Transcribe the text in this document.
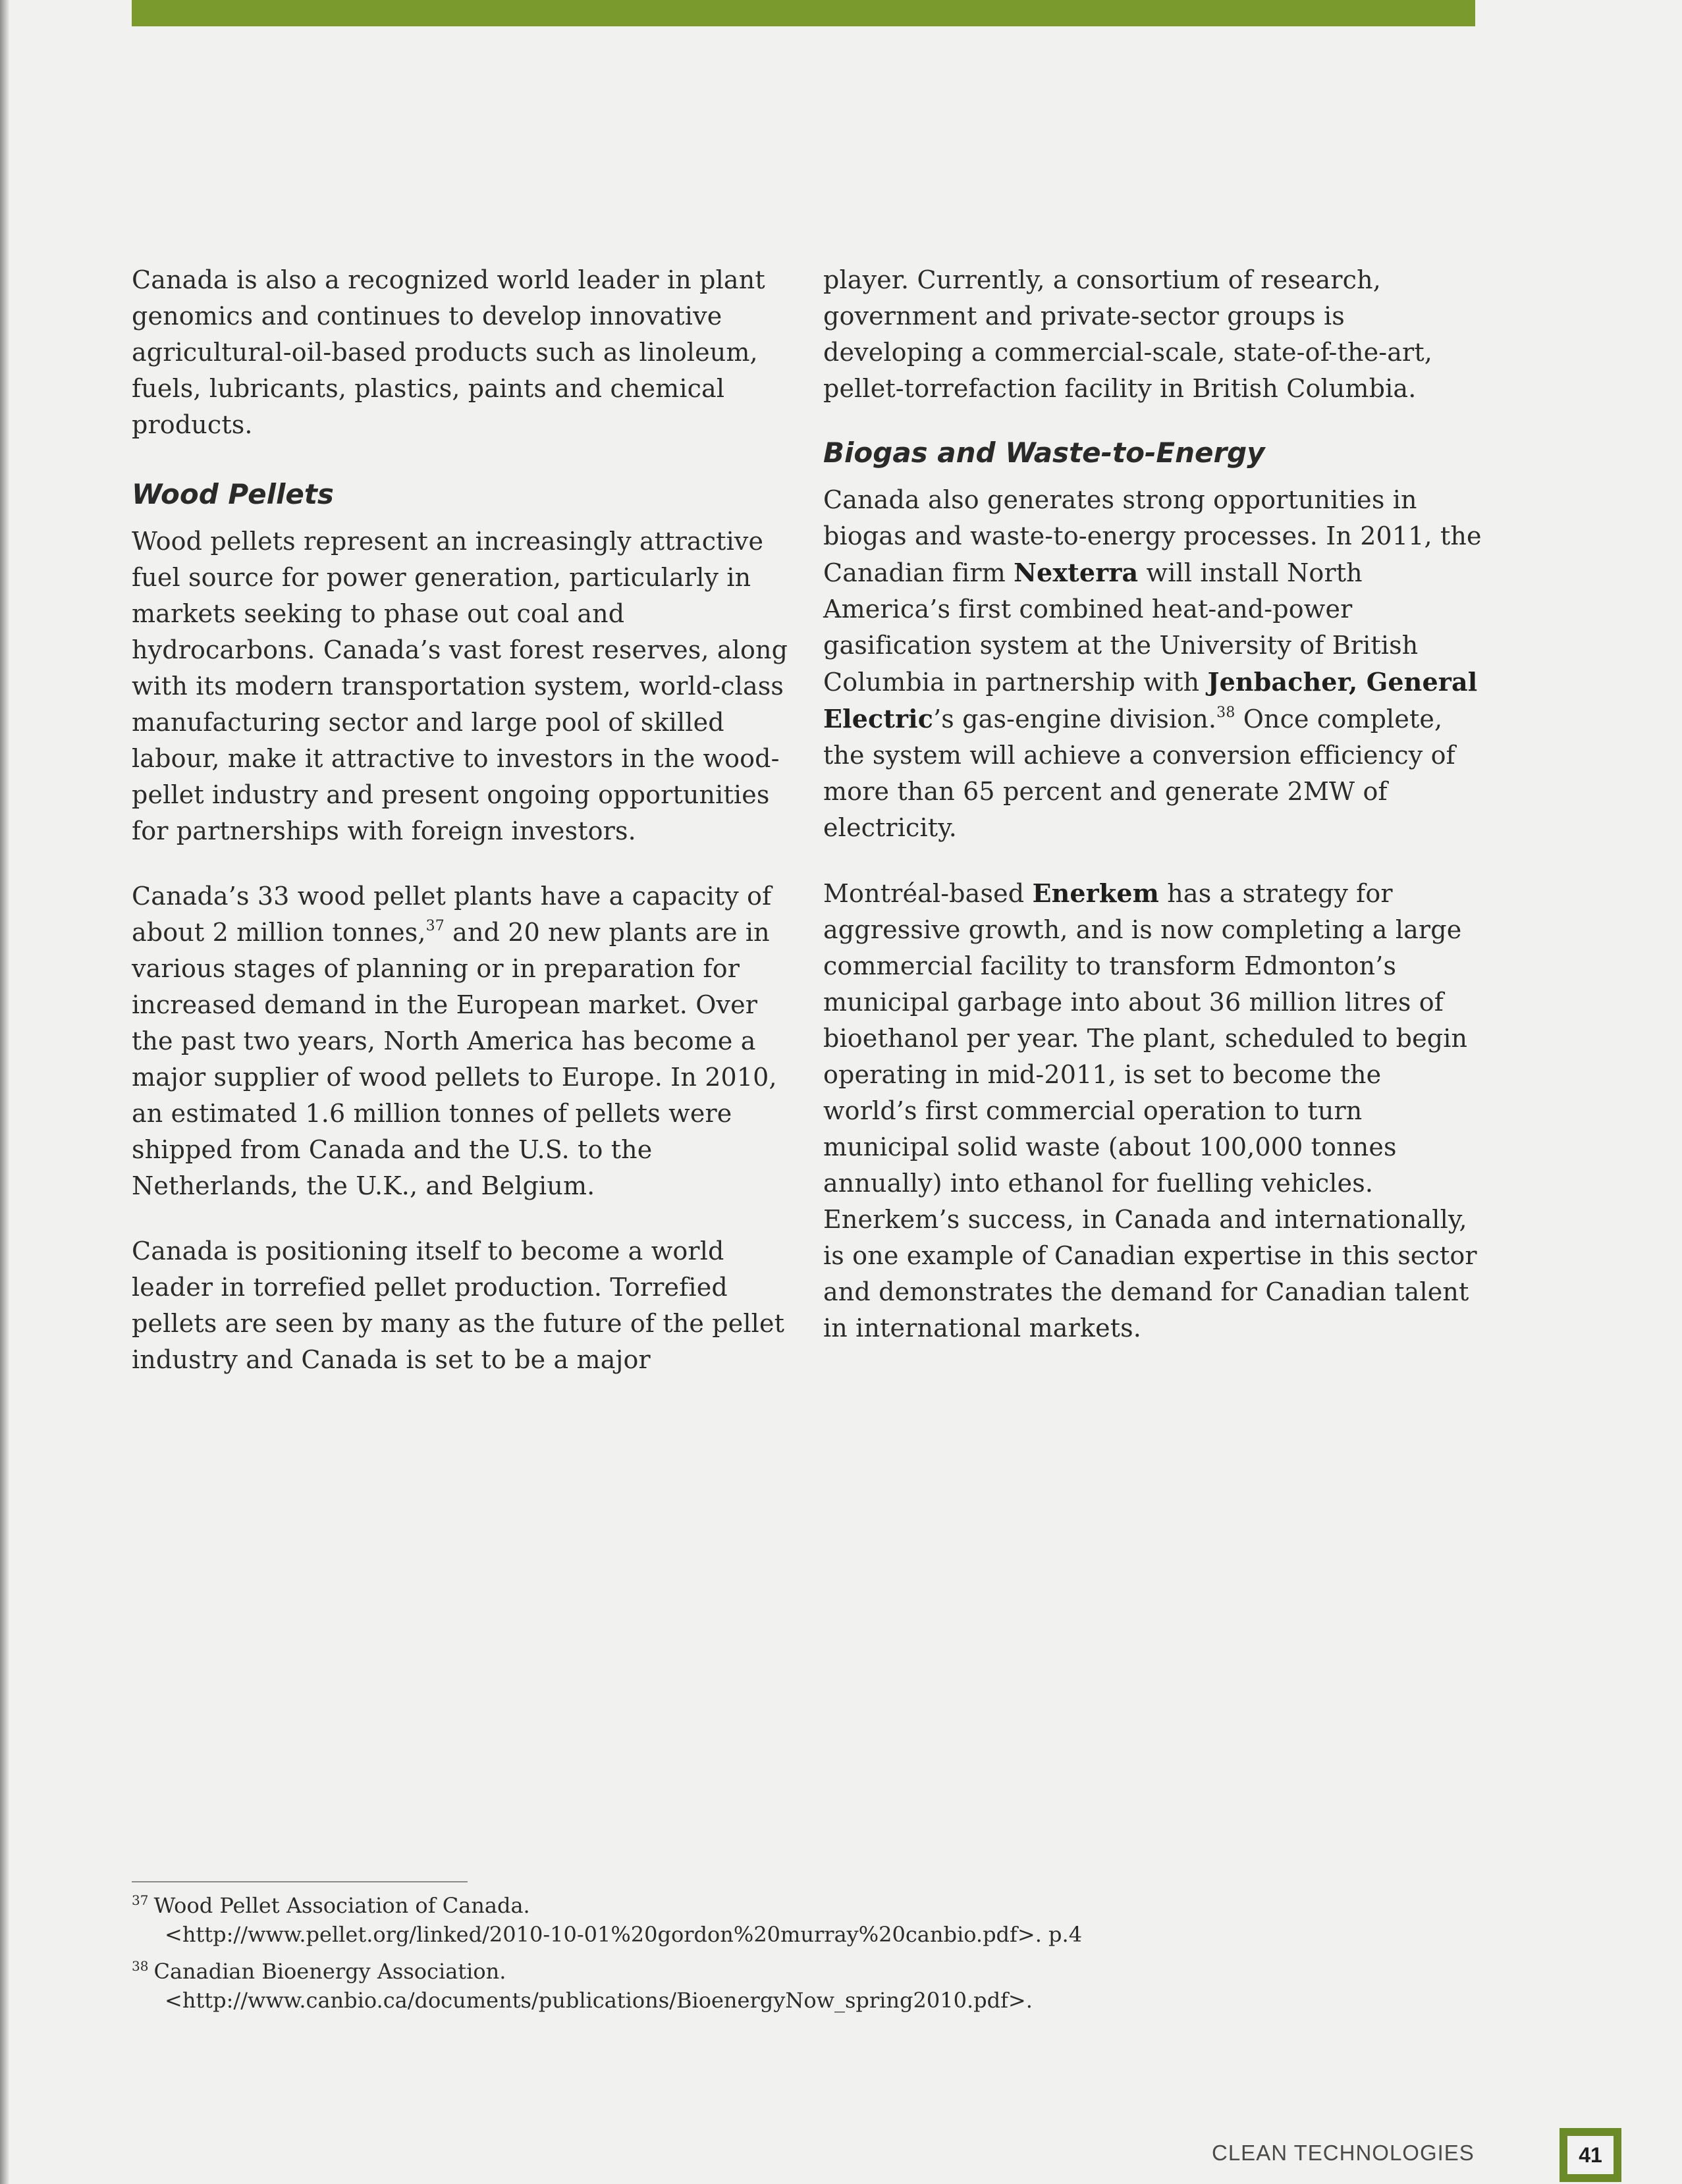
Canada is also a recognized world leader in plant genomics and continues to develop innovative agricultural-oil-based products such as linoleum, fuels, lubricants, plastics, paints and chemical products.

Wood Pellets

Wood pellets represent an increasingly attractive fuel source for power generation, particularly in markets seeking to phase out coal and hydrocarbons. Canada’s vast forest reserves, along with its modern transportation system, world-class manufacturing sector and large pool of skilled labour, make it attractive to investors in the wood-pellet industry and present ongoing opportunities for partnerships with foreign investors.

Canada’s 33 wood pellet plants have a capacity of about 2 million tonnes,$^{37}$ and 20 new plants are in various stages of planning or in preparation for increased demand in the European market. Over the past two years, North America has become a major supplier of wood pellets to Europe. In 2010, an estimated 1.6 million tonnes of pellets were shipped from Canada and the U.S. to the Netherlands, the U.K., and Belgium.

Canada is positioning itself to become a world leader in torrefied pellet production. Torrefied pellets are seen by many as the future of the pellet industry and Canada is set to be a major

player. Currently, a consortium of research, government and private-sector groups is developing a commercial-scale, state-of-the-art, pellet-torrefaction facility in British Columbia.

Biogas and Waste-to-Energy

Canada also generates strong opportunities in biogas and waste-to-energy processes. In 2011, the Canadian firm Nexterra will install North America’s first combined heat-and-power gasification system at the University of British Columbia in partnership with Jenbacher, General Electric’s gas-engine division.$^{38}$ Once complete, the system will achieve a conversion efficiency of more than 65 percent and generate 2MW of electricity.

Montréal-based Enerkem has a strategy for aggressive growth, and is now completing a large commercial facility to transform Edmonton’s municipal garbage into about 36 million litres of bioethanol per year. The plant, scheduled to begin operating in mid-2011, is set to become the world’s first commercial operation to turn municipal solid waste (about 100,000 tonnes annually) into ethanol for fuelling vehicles. Enerkem’s success, in Canada and internationally, is one example of Canadian expertise in this sector and demonstrates the demand for Canadian talent in international markets.

$^{37}$ Wood Pellet Association of Canada.
<http://www.pellet.org/linked/2010-10-01%20gordon%20murray%20canbio.pdf>. p.4
$^{38}$ Canadian Bioenergy Association.
<http://www.canbio.ca/documents/publications/BioenergyNow_spring2010.pdf>.
CLEAN TECHNOLOGIES	41
